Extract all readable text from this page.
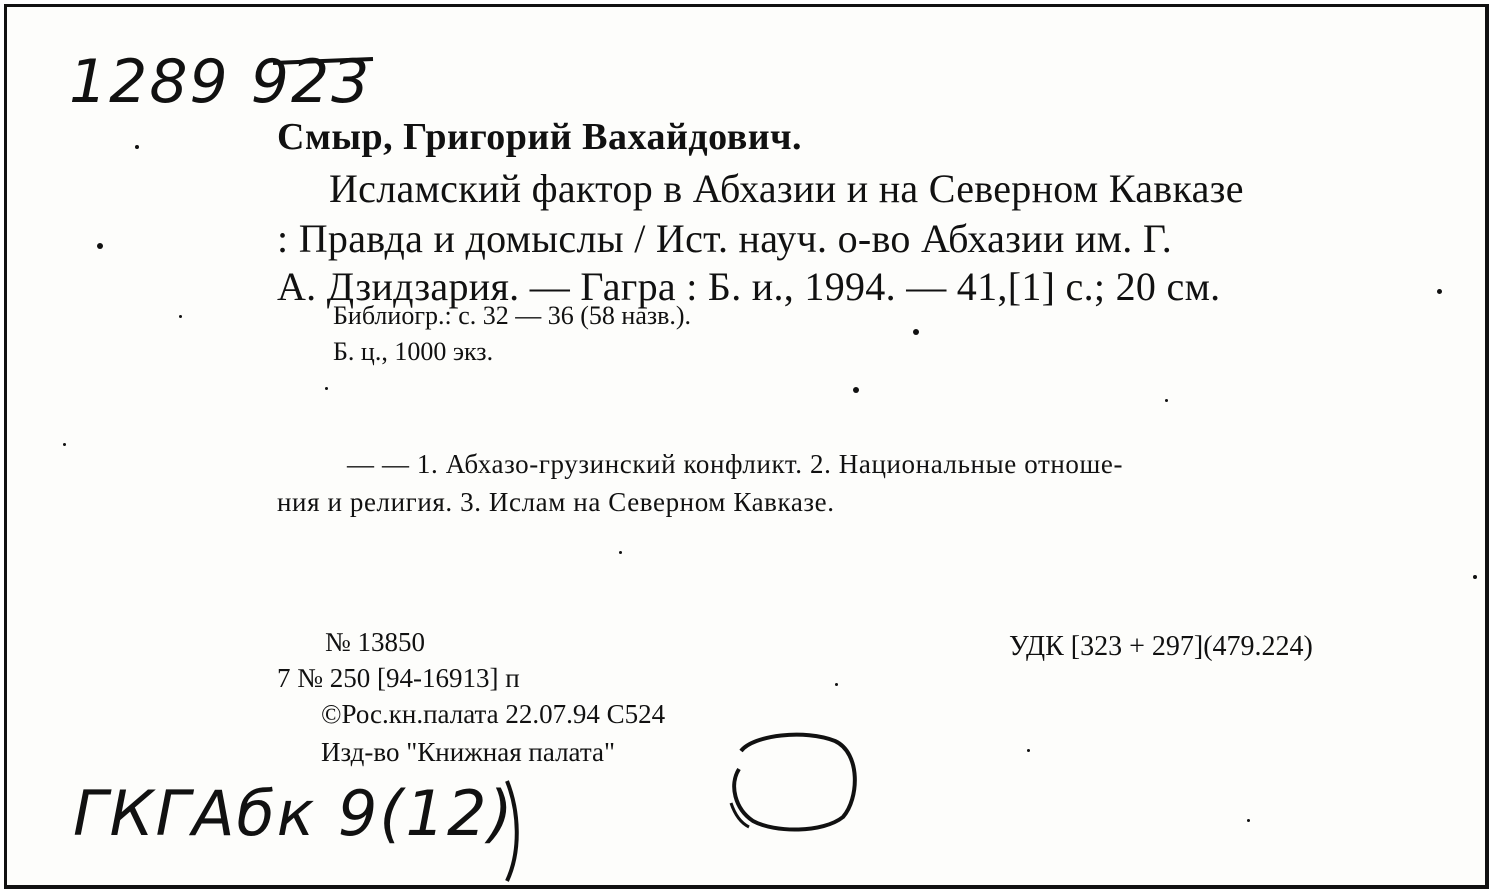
1289 923

Смыр, Григорий Вахайдович.

Исламский фактор в Абхазии и на Северном Кавказе

: Правда и домыслы / Ист. науч. о-во Абхазии им. Г.

А. Дзидзария. — Гагра : Б. и., 1994. — 41,[1] с.; 20 см.

Библиогр.: с. 32 — 36 (58 назв.).

Б. ц., 1000 экз.

— — 1. Абхазо-грузинский конфликт. 2. Национальные отноше-

ния и религия. 3. Ислам на Северном Кавказе.

№ 13850

7 № 250 [94-16913] п

©Рос.кн.палата 22.07.94 С524

Изд-во "Книжная палата"

УДК [323 + 297](479.224)

ГКГАбк 9(12)
